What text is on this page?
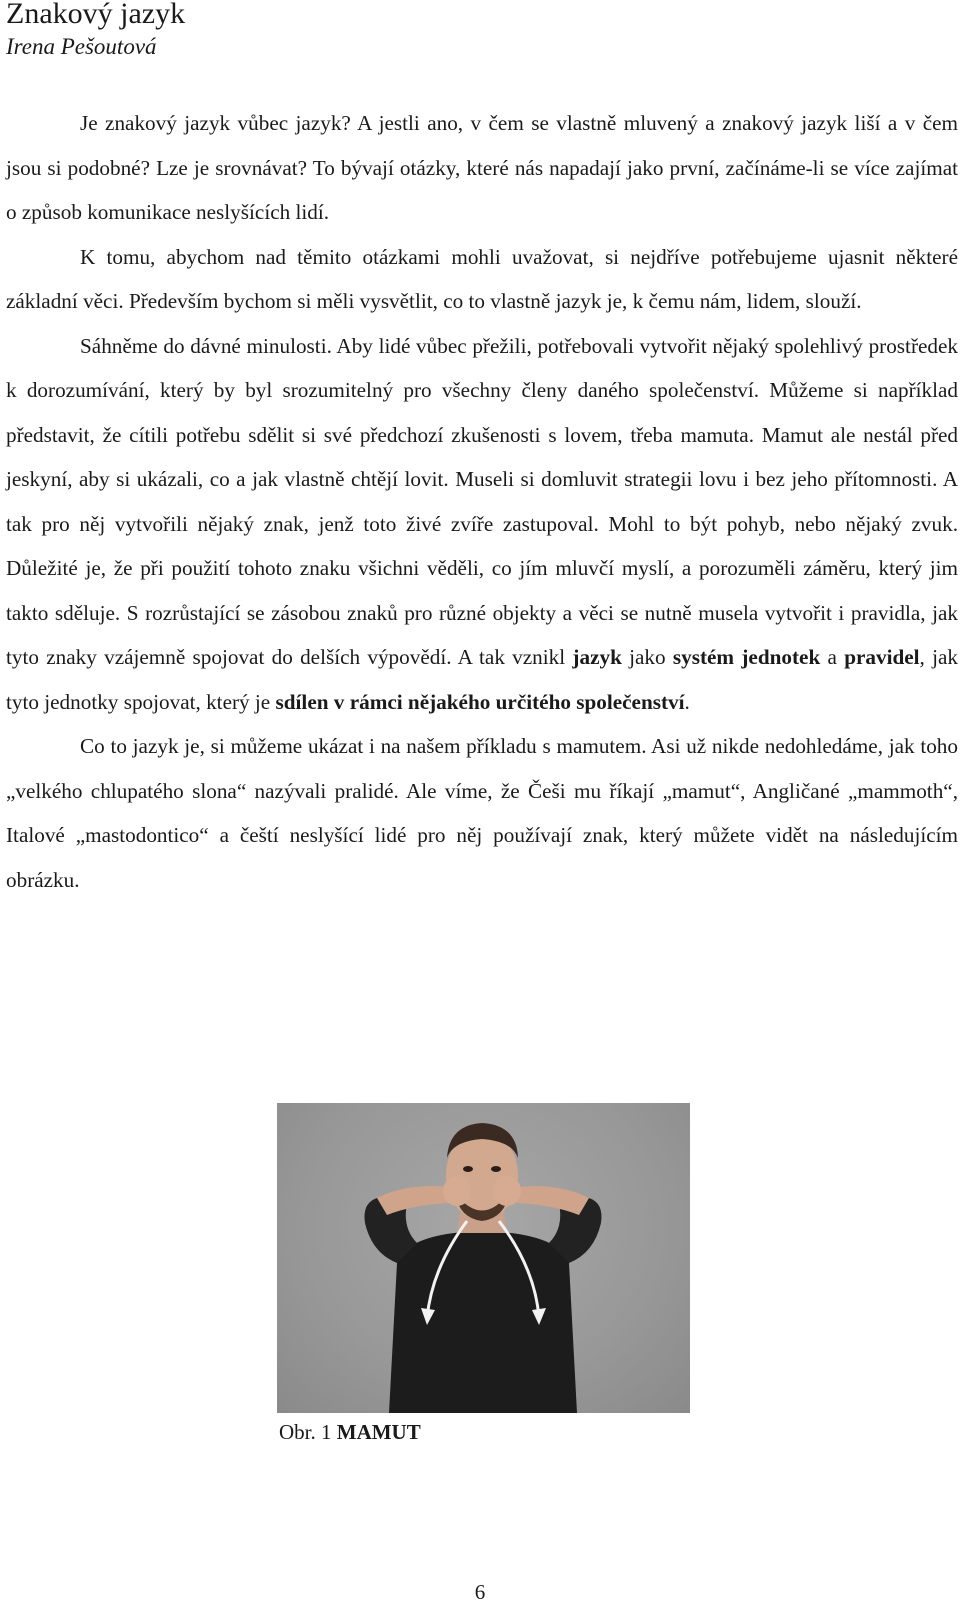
Znakový jazyk
Irena Pešoutová

Je znakový jazyk vůbec jazyk? A jestli ano, v čem se vlastně mluvený a znakový jazyk liší a v čem jsou si podobné? Lze je srovnávat? To bývají otázky, které nás napadají jako první, začínáme-li se více zajímat o způsob komunikace neslyšících lidí.

K tomu, abychom nad těmito otázkami mohli uvažovat, si nejdříve potřebujeme ujasnit některé základní věci. Především bychom si měli vysvětlit, co to vlastně jazyk je, k čemu nám, lidem, slouží.

Sáhněme do dávné minulosti. Aby lidé vůbec přežili, potřebovali vytvořit nějaký spolehlivý prostředek k dorozumívání, který by byl srozumitelný pro všechny členy daného společenství. Můžeme si například představit, že cítili potřebu sdělit si své předchozí zkušenosti s lovem, třeba mamuta. Mamut ale nestál před jeskyní, aby si ukázali, co a jak vlastně chtějí lovit. Museli si domluvit strategii lovu i bez jeho přítomnosti. A tak pro něj vytvořili nějaký znak, jenž toto živé zvíře zastupoval. Mohl to být pohyb, nebo nějaký zvuk. Důležité je, že při použití tohoto znaku všichni věděli, co jím mluvčí myslí, a porozuměli záměru, který jim takto sděluje. S rozrůstající se zásobou znaků pro různé objekty a věci se nutně musela vytvořit i pravidla, jak tyto znaky vzájemně spojovat do delších výpovědí. A tak vznikl jazyk jako systém jednotek a pravidel, jak tyto jednotky spojovat, který je sdílen v rámci nějakého určitého společenství.

Co to jazyk je, si můžeme ukázat i na našem příkladu s mamutem. Asi už nikde nedohledáme, jak toho „velkého chlupatého slona“ nazývali pralidé. Ale víme, že Češi mu říkají „mamut“, Angličané „mammoth“, Italové „mastodontico“ a čeští neslyšící lidé pro něj používají znak, který můžete vidět na následujícím obrázku.

Obr. 1 MAMUT
6
